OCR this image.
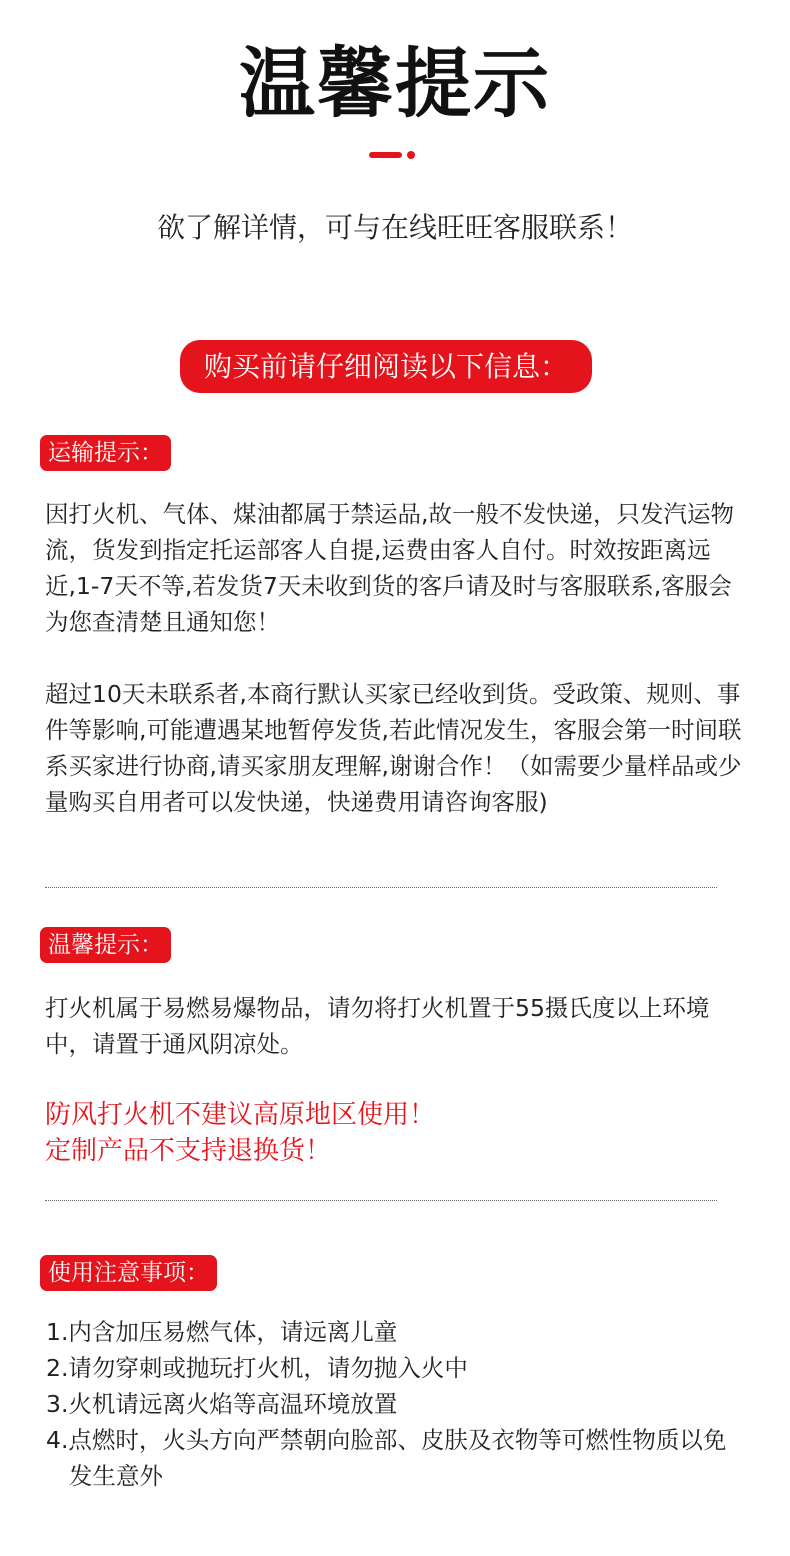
温馨提示
欲了解详情，可与在线旺旺客服联系！
购买前请仔细阅读以下信息：
运输提示：

因打火机、气体、煤油都属于禁运品,故一般不发快递，只发汽运物流，货发到指定托运部客人自提,运费由客人自付。时效按距离远近,1-7天不等,若发货7天未收到货的客戶请及时与客服联系,客服会为您查清楚且通知您！

超过10天未联系者,本商行默认买家已经收到货。受政策、规则、事件等影响,可能遭遇某地暂停发货,若此情况发生，客服会第一时间联系买家进行协商,请买家朋友理解,谢谢合作！（如需要少量样品或少量购买自用者可以发快递，快递费用请咨询客服)

温馨提示：

打火机属于易燃易爆物品，请勿将打火机置于55摄氏度以上环境中，请置于通风阴凉处。

防风打火机不建议高原地区使用！

定制产品不支持退换货！

使用注意事项：
1.内含加压易燃气体，请远离儿童
2.请勿穿刺或抛玩打火机，请勿抛入火中
3.火机请远离火焰等高温环境放置
4.点燃时，火头方向严禁朝向脸部、皮肤及衣物等可燃性物质以免发生意外
